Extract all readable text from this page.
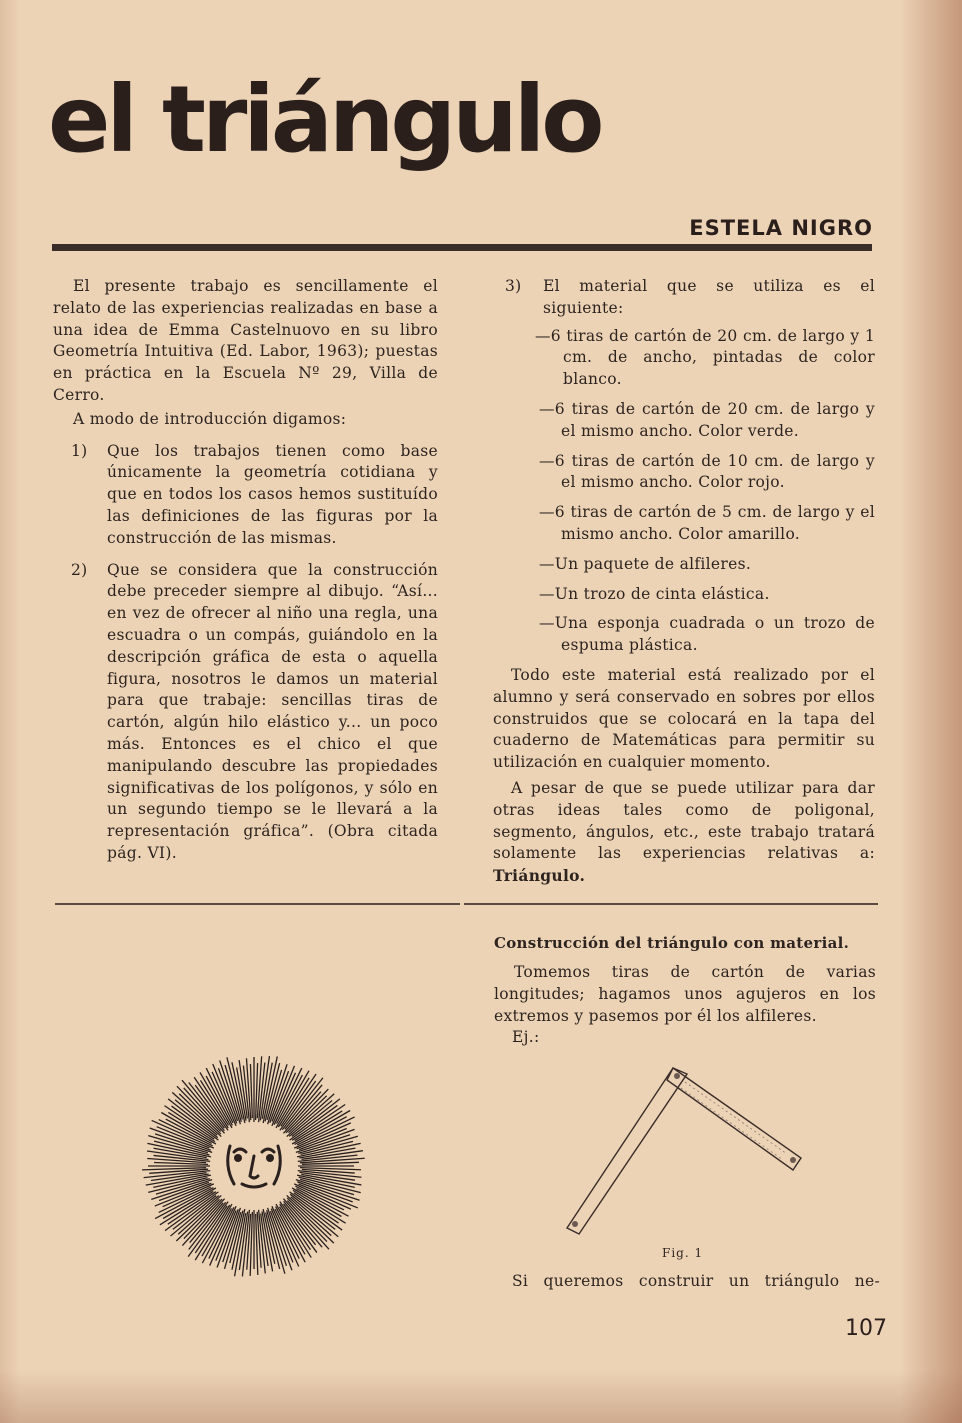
el triángulo
ESTELA NIGRO

El presente trabajo es sencillamente el relato de las experiencias realizadas en base a una idea de Emma Castelnuovo en su libro Geometría Intuitiva (Ed. Labor, 1963); puestas en práctica en la Escuela Nº 29, Villa de Cerro.

A modo de introducción digamos:

1)	Que los trabajos tienen como base únicamente la geometría cotidiana y que en todos los casos hemos sustituído las definiciones de las figuras por la construcción de las mismas.
2)	Que se considera que la construcción debe preceder siempre al dibujo. “Así... en vez de ofrecer al niño una regla, una escuadra o un compás, guiándolo en la descripción gráfica de esta o aquella figura, nosotros le damos un material para que trabaje: sencillas tiras de cartón, algún hilo elástico y... un poco más. Entonces es el chico el que manipulando descubre las propiedades significativas de los polígonos, y sólo en un segundo tiempo se le llevará a la representación gráfica”. (Obra citada pág. VI).
3)	El material que se utiliza es el siguiente:

—6 tiras de cartón de 20 cm. de largo y 1 cm. de ancho, pintadas de color blanco.

—6 tiras de cartón de 20 cm. de largo y el mismo ancho. Color verde.

—6 tiras de cartón de 10 cm. de largo y el mismo ancho. Color rojo.

—6 tiras de cartón de 5 cm. de largo y el mismo ancho. Color amarillo.

—Un paquete de alfileres.

—Un trozo de cinta elástica.

—Una esponja cuadrada o un trozo de espuma plástica.

Todo este material está realizado por el alumno y será conservado en sobres por ellos construidos que se colocará en la tapa del cuaderno de Matemáticas para permitir su utilización en cualquier momento.

A pesar de que se puede utilizar para dar otras ideas tales como de poligonal, segmento, ángulos, etc., este trabajo tratará solamente las experiencias relativas a: Triángulo.

Construcción del triángulo con material.

Tomemos tiras de cartón de varias longitudes; hagamos unos agujeros en los extremos y pasemos por él los alfileres.

Ej.:

Fig. 1
Si queremos construir un triángulo ne-
107
